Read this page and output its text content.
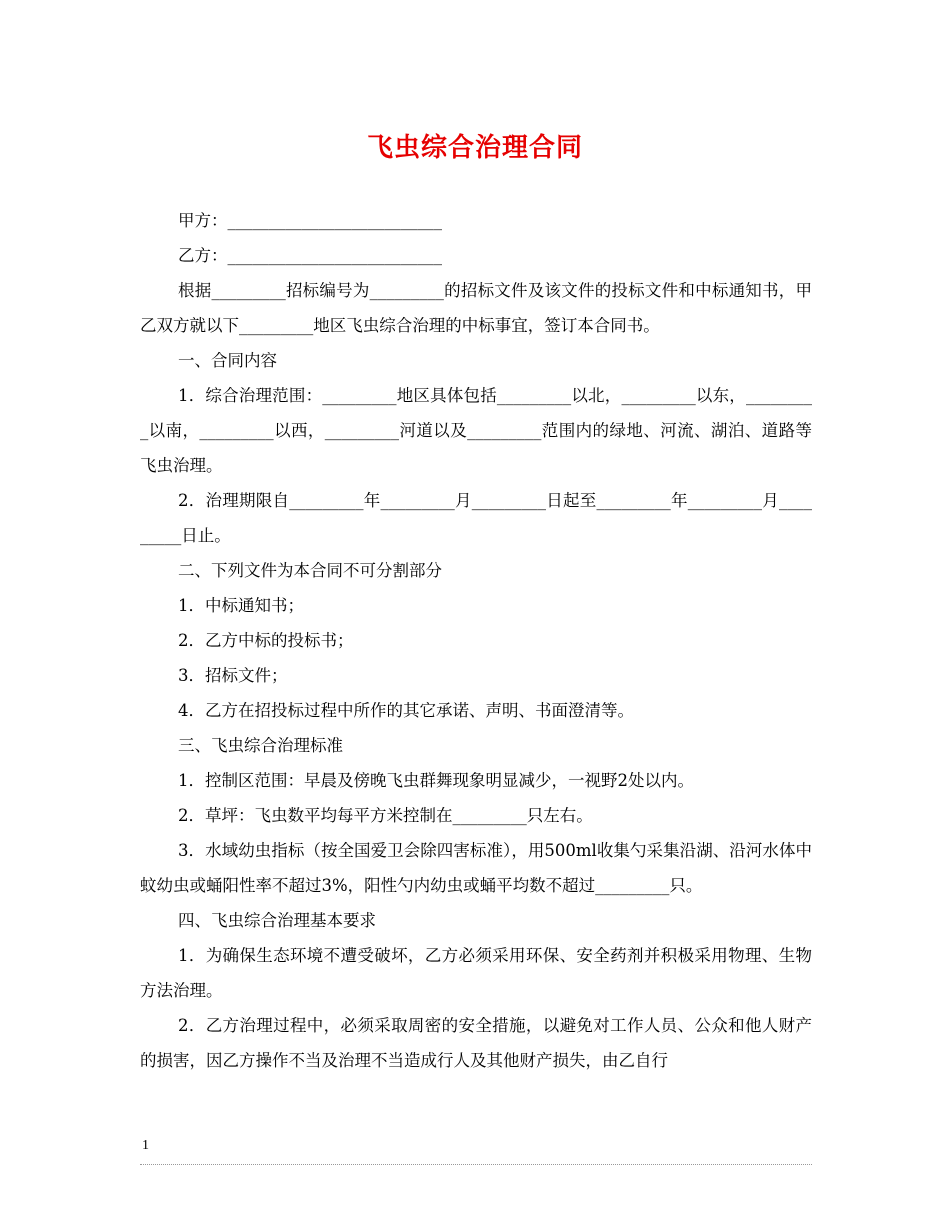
飞虫综合治理合同
甲方：__________________________
乙方：__________________________
根据_________招标编号为_________的招标文件及该文件的投标文件和中标通知书，甲乙双方就以下_________地区飞虫综合治理的中标事宜，签订本合同书。
一、合同内容
1．综合治理范围：_________地区具体包括_________以北，_________以东，_________以南，_________以西，_________河道以及_________范围内的绿地、河流、湖泊、道路等飞虫治理。
2．治理期限自_________年_________月_________日起至_________年_________月_________日止。
二、下列文件为本合同不可分割部分
1．中标通知书；
2．乙方中标的投标书；
3．招标文件；
4．乙方在招投标过程中所作的其它承诺、声明、书面澄清等。
三、飞虫综合治理标准
1．控制区范围：早晨及傍晚飞虫群舞现象明显减少，一视野2处以内。
2．草坪：飞虫数平均每平方米控制在_________只左右。
3．水域幼虫指标（按全国爱卫会除四害标准），用500ml收集勺采集沿湖、沿河水体中蚊幼虫或蛹阳性率不超过3%，阳性勺内幼虫或蛹平均数不超过_________只。
四、飞虫综合治理基本要求
1．为确保生态环境不遭受破坏，乙方必须采用环保、安全药剂并积极采用物理、生物方法治理。
2．乙方治理过程中，必须采取周密的安全措施，以避免对工作人员、公众和他人财产的损害，因乙方操作不当及治理不当造成行人及其他财产损失，由乙自行
1
